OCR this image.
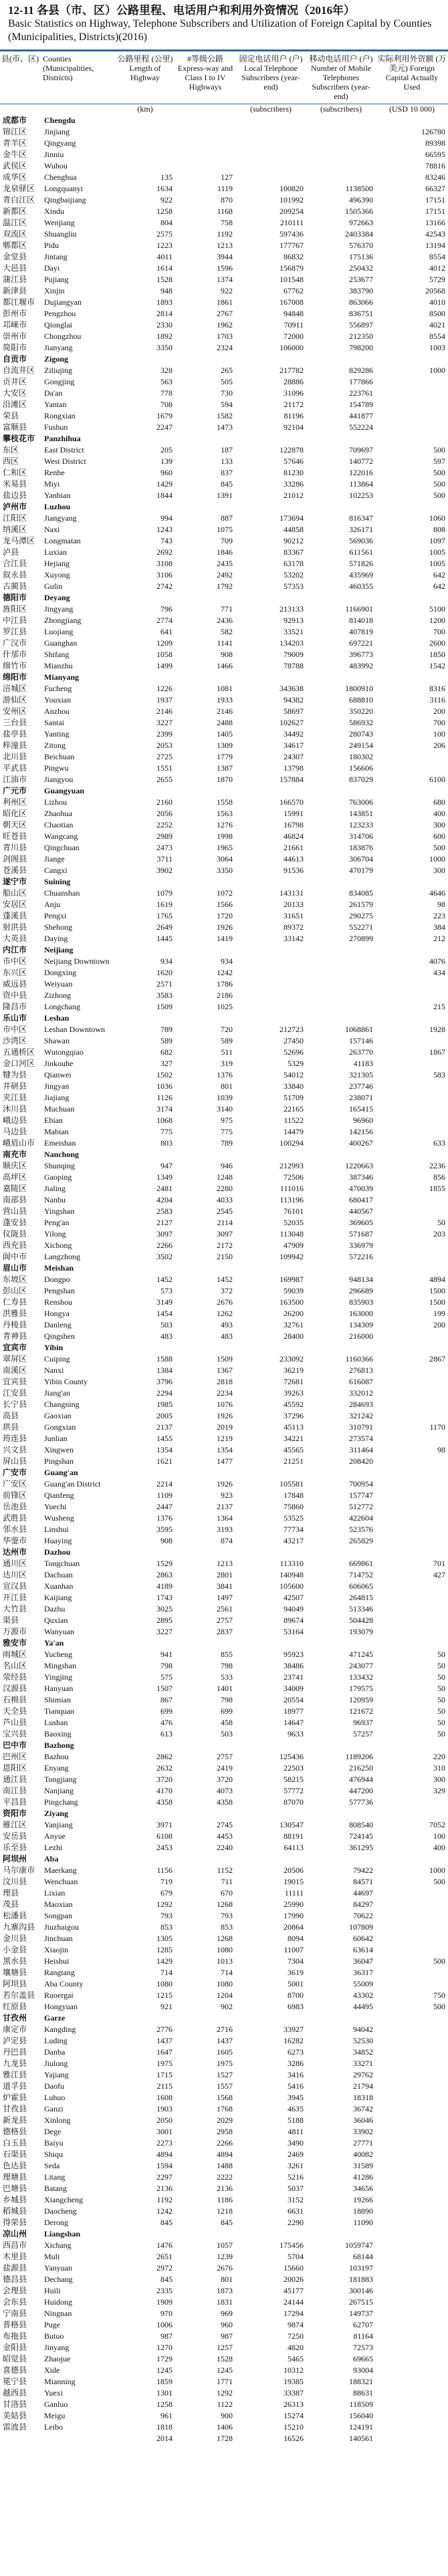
12-11 各县（市、区）公路里程、电话用户和利用外资情况（2016年）
Basic Statistics on Highway, Telephone Subscribers and Utilization of Foreign Capital by Counties (Municipalities, Districts)(2016)
县(市、区)	Counties (Municipalities, Districts)	公路里程 (公里) Length of Highway	#等级公路 Express-way and Class I to IV Highways	固定电话用户 (户) Local Telephone Subscribers (year-end)	移动电话用户 (户) Number of Mobile Telephones Subscribers (year-end)	实际利用外资额 (万美元) Foreign Capital Actually Used
		(km)		(subscribers)	(subscribers)	(USD 10 000)
成都市	Chengdu					
锦江区	Jinjiang					126780
青羊区	Qingyang					89398
金牛区	Jinniu					66595
武侯区	Wuhou					78816
成华区	Chenghua	135	127			83246
龙泉驿区	Longquanyi	1634	1119	100820	1138500	66327
青白江区	Qingbaijiang	922	870	101992	496390	17151
新都区	Xindu	1258	1168	209254	1505366	17151
温江区	Wenjiang	804	758	210111	972663	13166
双流区	Shuangliu	2575	1192	597436	2403384	42543
郫都区	Pidu	1223	1213	177767	576370	13194
金堂县	Jintang	4011	3944	86832	175136	8554
大邑县	Dayi	1614	1596	156879	250432	4012
蒲江县	Pujiang	1528	1374	101548	253677	5729
新津县	Xinjin	948	922	67762	383790	20568
都江堰市	Dujiangyan	1893	1861	167008	863066	4010
彭州市	Pengzhou	2814	2767	94848	836751	8500
邛崃市	Qionglai	2330	1962	70911	556897	4021
崇州市	Chongzhou	1892	1703	72000	212350	8554
简阳市	Jianyang	3350	2324	106000	798200	1003
自贡市	Zigong					
自流井区	Ziliujing	328	265	217782	829286	1000
贡井区	Gongjing	563	505	28886	177866	
大安区	Da'an	778	730	31096	223761	
沿滩区	Yantan	708	594	21172	154789	
荣县	Rongxian	1679	1582	81196	441877	
富顺县	Fushun	2247	1473	92104	552224	
攀枝花市	Panzhihua					
东区	East District	205	187	122878	709697	500
西区	West District	139	133	57646	140772	597
仁和区	Renhe	960	837	81230	122016	500
米易县	Miyi	1429	845	33286	113864	500
盐边县	Yanbian	1844	1391	21012	102253	500
泸州市	Luzhou					
江阳区	Jiangyang	994	887	173694	816347	1060
纳溪区	Naxi	1243	1075	44858	326171	808
龙马潭区	Longmatan	743	709	90212	569036	1097
泸县	Luxian	2692	1846	83367	611561	1005
合江县	Hejiang	3108	2435	63178	571826	1005
叙永县	Xuyong	3106	2492	53202	435969	642
古蔺县	Gulin	2742	1792	57353	460355	642
德阳市	Deyang					
旌阳区	Jingyang	796	771	213133	1166901	5100
中江县	Zhongjiang	2774	2436	92913	814018	1200
罗江县	Luojiang	641	582	33521	407819	700
广汉市	Guanghan	1209	1141	134203	697221	2600
什邡市	Shifang	1058	908	79009	396773	1850
绵竹市	Mianzhu	1499	1466	78788	483992	1542
绵阳市	Mianyang					
涪城区	Fucheng	1226	1081	343638	1800910	8316
游仙区	Youxian	1937	1933	94382	688810	3116
安州区	Anzhou	2146	2146	58697	350220	200
三台县	Santai	3227	2488	102627	586932	700
盐亭县	Yanting	2399	1405	34492	280743	100
梓潼县	Zitong	2053	1309	34617	249154	206
北川县	Beichuan	2725	1779	24307	180302	
平武县	Pingwu	1551	1387	13798	156606	
江油市	Jiangyou	2655	1870	157884	837029	6100
广元市	Guangyuan					
利州区	Lizhou	2160	1558	166570	763006	680
昭化区	Zhaohua	2056	1563	15991	143851	400
朝天区	Chaotian	2252	1276	16798	123233	300
旺苍县	Wangcang	2989	1998	46824	314706	600
青川县	Qingchuan	2473	1965	21661	183876	500
剑阁县	Jiange	3711	3064	44613	306704	1000
苍溪县	Cangxi	3902	3350	91536	470179	300
遂宁市	Suining					
船山区	Chuanshan	1079	1072	143131	834085	4646
安居区	Anju	1619	1566	20133	261579	98
蓬溪县	Pengxi	1765	1720	31651	290275	223
射洪县	Shehong	2649	1926	89372	552271	384
大英县	Daying	1445	1419	33142	270899	212
内江市	Neijiang					
市中区	Neijiang Downtown	934	934			4076
东兴区	Dongxing	1620	1242			434
威远县	Weiyuan	2571	1786			
资中县	Zizhong	3583	2186			
隆昌市	Longchang	1509	1025			215
乐山市	Leshan					
市中区	Leshan Downtown	789	720	212723	1068861	1928
沙湾区	Shawan	589	589	27450	157146	
五通桥区	Wutongqiao	682	511	52696	263770	1867
金口河区	Jinkouhe	327	319	5329	41183	
犍为县	Qianwei	1502	1376	54012	321305	583
井研县	Jingyan	1036	801	33840	237746	
夹江县	Jiajiang	1126	1039	51709	238071	
沐川县	Muchuan	3174	3140	22165	165415	
峨边县	Ebian	1068	975	11522	96960	
马边县	Mabian	775	775	14479	142156	
峨眉山市	Emeishan	803	789	100294	400267	633
南充市	Nanchong					
顺庆区	Shunqing	947	946	212993	1220663	2236
高坪区	Gaoping	1349	1248	72506	387346	856
嘉陵区	Jialing	2481	2280	111016	470039	1855
南部县	Nanbu	4204	4033	113196	680417	
营山县	Yingshan	2583	2545	76101	440567	
蓬安县	Peng'an	2127	2114	52035	369605	50
仪陇县	Yilong	3097	3097	113048	571687	203
西充县	Xichong	2266	2172	47909	336979	
阆中市	Langzhong	3502	2150	109942	572216	
眉山市	Meishan					
东坡区	Dongpo	1452	1452	169987	948134	4894
彭山区	Pengshan	573	372	59039	296689	1500
仁寿县	Renshou	3149	2676	163500	835903	1500
洪雅县	Hongya	1454	1262	26200	163000	199
丹棱县	Danleng	503	493	32761	134309	200
青神县	Qingshen	483	483	28400	216000	
宜宾市	Yibin					
翠屏区	Cuiping	1588	1509	233092	1160366	2867
南溪区	Nanxi	1384	1367	36219	276813	
宜宾县	Yibin County	3796	2818	72681	616087	
江安县	Jiang'an	2294	2234	39263	332012	
长宁县	Changning	1985	1076	45592	284693	
高县	Gaoxian	2005	1926	37296	321242	
珙县	Gongxian	2137	2019	45113	310791	1170
筠连县	Junlian	1455	1219	34221	273574	
兴文县	Xingwen	1354	1354	45565	311464	98
屏山县	Pingshan	1621	1477	21251	208420	
广安市	Guang'an					
广安区	Guang'an District	2214	1926	105581	700954	
前锋区	Qianfeng	1109	923	17848	157747	
岳池县	Yuechi	2447	2137	75860	512772	
武胜县	Wusheng	1376	1364	53525	422604	
邻水县	Linshui	3595	3193	77734	523576	
华蓥市	Huaying	908	874	43217	265829	
达州市	Dazhou					
通川区	Tongchuan	1529	1213	113310	669861	701
达川区	Dachuan	2863	2801	140948	714752	427
宣汉县	Xuanhan	4189	3841	105600	606065	
开江县	Kaijiang	1743	1497	42507	264815	
大竹县	Dazhu	3025	2561	94049	513346	
渠县	Quxian	2895	2757	89674	504428	
万源市	Wanyuan	3227	2837	53164	193079	
雅安市	Ya'an					
雨城区	Yucheng	941	855	95923	471245	50
名山区	Mingshan	798	798	38486	243077	50
荥经县	Yingjing	575	533	23741	133432	50
汉源县	Hanyuan	1507	1401	34009	179575	50
石棉县	Shimian	867	798	20554	120959	50
天全县	Tianquan	699	699	18977	121672	50
芦山县	Lushan	476	458	14647	96937	50
宝兴县	Baoxing	613	503	9633	57257	50
巴中市	Bazhong					
巴州区	Bazhou	2862	2757	125436	1189206	220
恩阳区	Enyang	2632	2419	22503	216250	310
通江县	Tongjiang	3720	3720	58215	476944	300
南江县	Nanjiang	4170	4073	57772	447200	329
平昌县	Pingchang	4358	4358	87070	577736	
资阳市	Ziyang					
雁江区	Yanjiang	3971	2745	130547	808540	7052
安岳县	Anyue	6108	4453	88191	724145	100
乐至县	Lezhi	2453	2240	64113	361295	400
阿坝州	Aba					
马尔康市	Maerkang	1156	1152	20506	79422	1000
汶川县	Wenchuan	719	711	19015	84571	500
理县	Lixian	679	670	11111	44697	
茂县	Maoxian	1292	1268	25990	84297	
松潘县	Songpan	793	793	17990	70622	
九寨沟县	Jiuzhaigou	853	853	20864	107809	
金川县	Jinchuan	1305	1268	8094	60642	
小金县	Xiaojin	1285	1080	11007	63614	
黑水县	Heishui	1429	1013	7304	36047	500
壤塘县	Rangtang	714	714	3619	36317	
阿坝县	Aba County	1080	1080	5001	55009	
若尔盖县	Ruoergai	1215	1204	8700	43302	750
红原县	Hongyuan	921	902	6983	44495	500
甘孜州	Garze					
康定市	Kangding	2776	2716	33927	94042	
泸定县	Luding	1437	1437	16282	52530	
丹巴县	Danba	1647	1605	6273	34852	
九龙县	Jiulong	1975	1975	3286	33271	
雅江县	Yajiang	1715	1527	3416	29762	
道孚县	Daofu	2115	1557	5416	21794	
炉霍县	Luhuo	1608	1568	3945	18318	
甘孜县	Ganzi	1903	1768	4635	36742	
新龙县	Xinlong	2050	2029	5188	36046	
德格县	Dege	3001	2958	4811	33902	
白玉县	Baiyu	2273	2266	3490	27771	
石渠县	Shiqu	4894	4894	2469	40082	
色达县	Seda	1594	1488	3261	31589	
理塘县	Litang	2297	2222	5216	41286	
巴塘县	Batang	2136	2136	5037	34656	
乡城县	Xiangcheng	1192	1186	3152	19266	
稻城县	Daocheng	1242	1218	6631	18890	
得荣县	Derong	845	845	2290	11090	
凉山州	Liangshan					
西昌市	Xichang	1476	1057	175456	1059747	
木里县	Muli	2651	1239	5704	68144	
盐源县	Yanyuan	2972	2676	15660	103197	
德昌县	Dechang	845	801	20026	181883	
会理县	Huili	2335	1873	45177	300146	
会东县	Huidong	1909	1831	24144	267515	
宁南县	Ningnan	970	969	17294	149737	
普格县	Puge	1006	960	9874	62707	
布拖县	Butuo	987	987	7250	81164	
金阳县	Jinyang	1270	1257	4820	72573	
昭觉县	Zhaojue	1729	1528	5465	69665	
喜德县	Xide	1245	1245	10312	93004	
冕宁县	Mianning	1859	1771	19385	188321	
越西县	Yuexi	1301	1292	33387	88631	
甘洛县	Ganluo	1258	1122	26313	118509	
美姑县	Meigu	961	900	15274	156040	
雷波县	Leibo	1818	1406	15210	124191	
		2014	1728	16526	140561	
